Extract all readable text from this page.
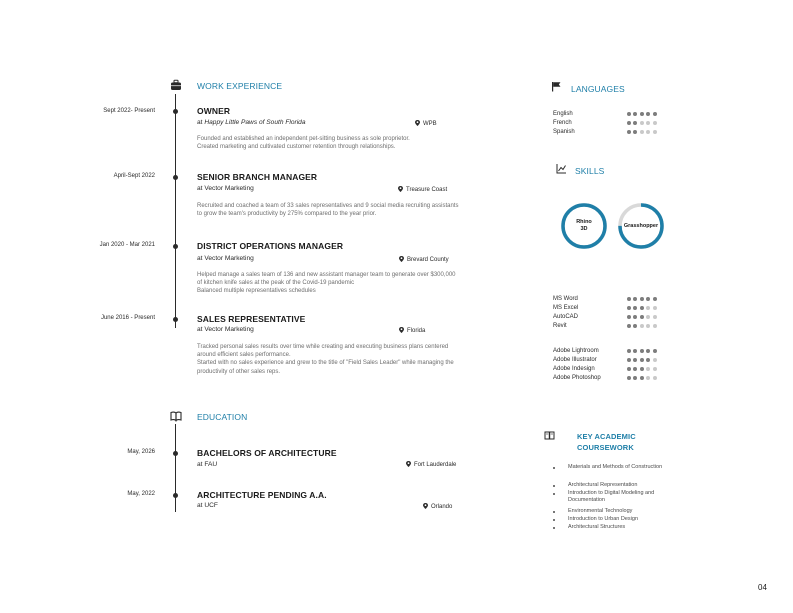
WORK EXPERIENCE
Sept 2022- Present	OWNER
at Happy Little Paws of South Florida	WPB
Founded and established an independent pet-sitting business as sole proprietor.
Created marketing and cultivated customer retention through relationships.
April-Sept 2022	SENIOR BRANCH MANAGER
at Vector Marketing	Treasure Coast
Recruited and coached a team of 33 sales representatives and 9 social media recruiting assistants to grow the team's productivity by 275% compared to the year prior.
Jan 2020 - Mar 2021	DISTRICT OPERATIONS MANAGER
at Vector Marketing	Brevard County
Helped manage a sales team of 136 and new assistant manager team to generate over $300,000 of kitchen knife sales at the peak of the Covid-19 pandemic
Balanced multiple representatives schedules
June 2016 - Present	SALES REPRESENTATIVE
at Vector Marketing	Florida
Tracked personal sales results over time while creating and executing business plans centered around efficient sales performance.
Started with no sales experience and grew to the title of "Field Sales Leader" while managing the productivity of other sales reps.
EDUCATION
May, 2026	BACHELORS OF ARCHITECTURE
at FAU	Fort Lauderdale
May, 2022	ARCHITECTURE PENDING A.A.
at UCF	Orlando
LANGUAGES
English
French
Spanish
SKILLS
Rhino
3D
Grasshopper
MS Word
MS Excel
AutoCAD
Revit
Adobe Lightroom
Adobe Illustrator
Adobe Indesign
Adobe Photoshop
KEY ACADEMIC
COURSEWORK
Materials and Methods of Construction
Architectural Representation
Introduction to Digital Modeling and Documentation
Environmental Technology
Introduction to Urban Design
Architectural Structures
04
